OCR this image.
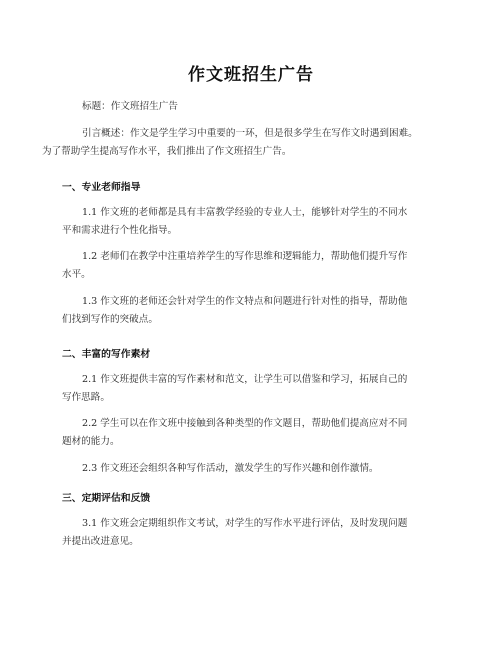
作文班招生广告
标题：作文班招生广告
引言概述：作文是学生学习中重要的一环，但是很多学生在写作文时遇到困难。
为了帮助学生提高写作水平，我们推出了作文班招生广告。
一、专业老师指导
1.1 作文班的老师都是具有丰富教学经验的专业人士，能够针对学生的不同水
平和需求进行个性化指导。
1.2 老师们在教学中注重培养学生的写作思维和逻辑能力，帮助他们提升写作
水平。
1.3 作文班的老师还会针对学生的作文特点和问题进行针对性的指导，帮助他
们找到写作的突破点。
二、丰富的写作素材
2.1 作文班提供丰富的写作素材和范文，让学生可以借鉴和学习，拓展自己的
写作思路。
2.2 学生可以在作文班中接触到各种类型的作文题目，帮助他们提高应对不同
题材的能力。
2.3 作文班还会组织各种写作活动，激发学生的写作兴趣和创作激情。
三、定期评估和反馈
3.1 作文班会定期组织作文考试，对学生的写作水平进行评估，及时发现问题
并提出改进意见。
